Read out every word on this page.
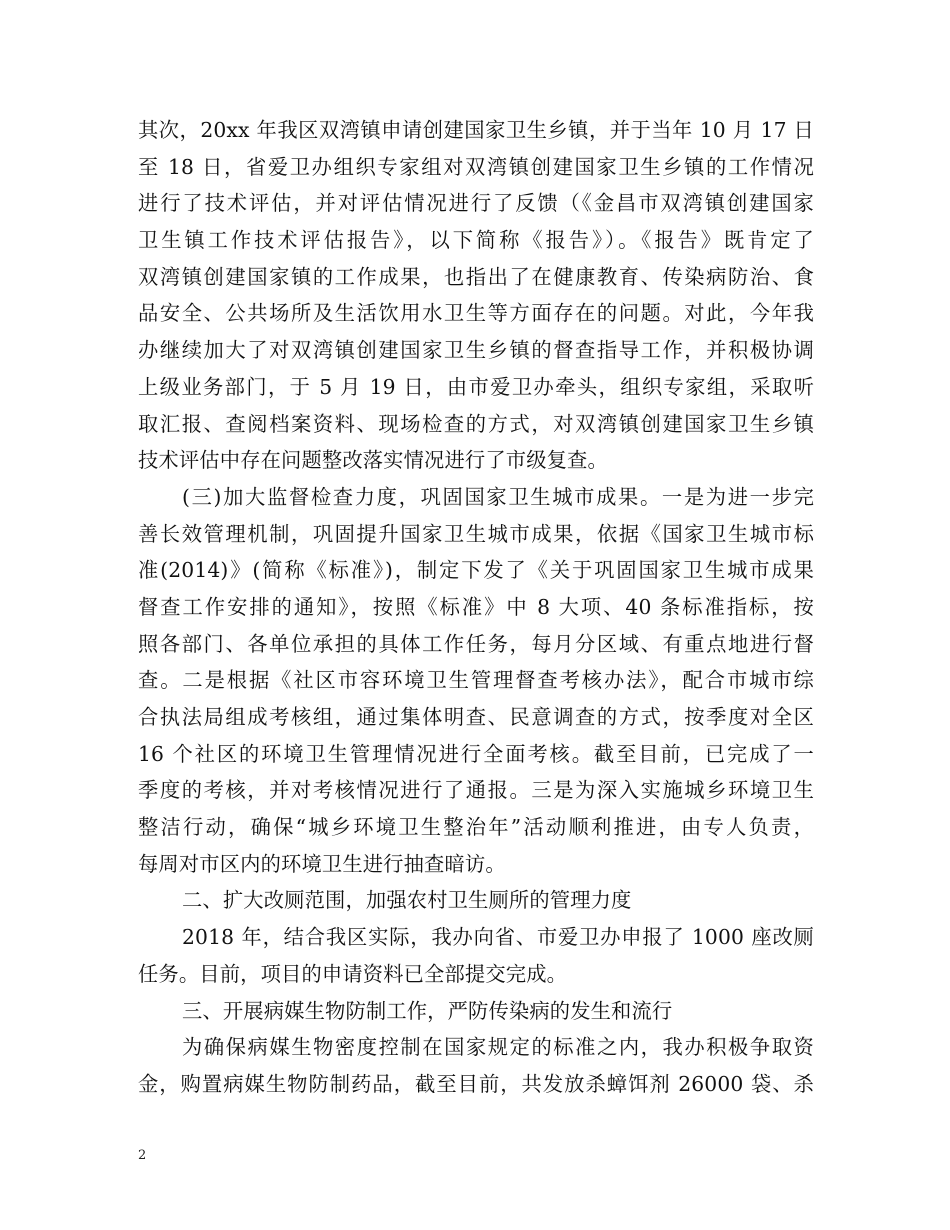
其次，20xx 年我区双湾镇申请创建国家卫生乡镇，并于当年 10 月 17 日
至 18 日，省爱卫办组织专家组对双湾镇创建国家卫生乡镇的工作情况
进行了技术评估，并对评估情况进行了反馈（《金昌市双湾镇创建国家
卫生镇工作技术评估报告》，以下简称《报告》）。《报告》既肯定了
双湾镇创建国家镇的工作成果，也指出了在健康教育、传染病防治、食
品安全、公共场所及生活饮用水卫生等方面存在的问题。对此，今年我
办继续加大了对双湾镇创建国家卫生乡镇的督查指导工作，并积极协调
上级业务部门，于 5 月 19 日，由市爱卫办牵头，组织专家组，采取听
取汇报、查阅档案资料、现场检查的方式，对双湾镇创建国家卫生乡镇
技术评估中存在问题整改落实情况进行了市级复查。
(三)加大监督检查力度，巩固国家卫生城市成果。一是为进一步完
善长效管理机制，巩固提升国家卫生城市成果，依据《国家卫生城市标
准(2014)》(简称《标准》)，制定下发了《关于巩固国家卫生城市成果
督查工作安排的通知》，按照《标准》中 8 大项、40 条标准指标，按
照各部门、各单位承担的具体工作任务，每月分区域、有重点地进行督
查。二是根据《社区市容环境卫生管理督查考核办法》，配合市城市综
合执法局组成考核组，通过集体明查、民意调查的方式，按季度对全区
16 个社区的环境卫生管理情况进行全面考核。截至目前，已完成了一
季度的考核，并对考核情况进行了通报。三是为深入实施城乡环境卫生
整洁行动，确保“城乡环境卫生整治年”活动顺利推进，由专人负责，
每周对市区内的环境卫生进行抽查暗访。
二、扩大改厕范围，加强农村卫生厕所的管理力度
2018 年，结合我区实际，我办向省、市爱卫办申报了 1000 座改厕
任务。目前，项目的申请资料已全部提交完成。
三、开展病媒生物防制工作，严防传染病的发生和流行
为确保病媒生物密度控制在国家规定的标准之内，我办积极争取资
金，购置病媒生物防制药品，截至目前，共发放杀蟑饵剂 26000 袋、杀
2
